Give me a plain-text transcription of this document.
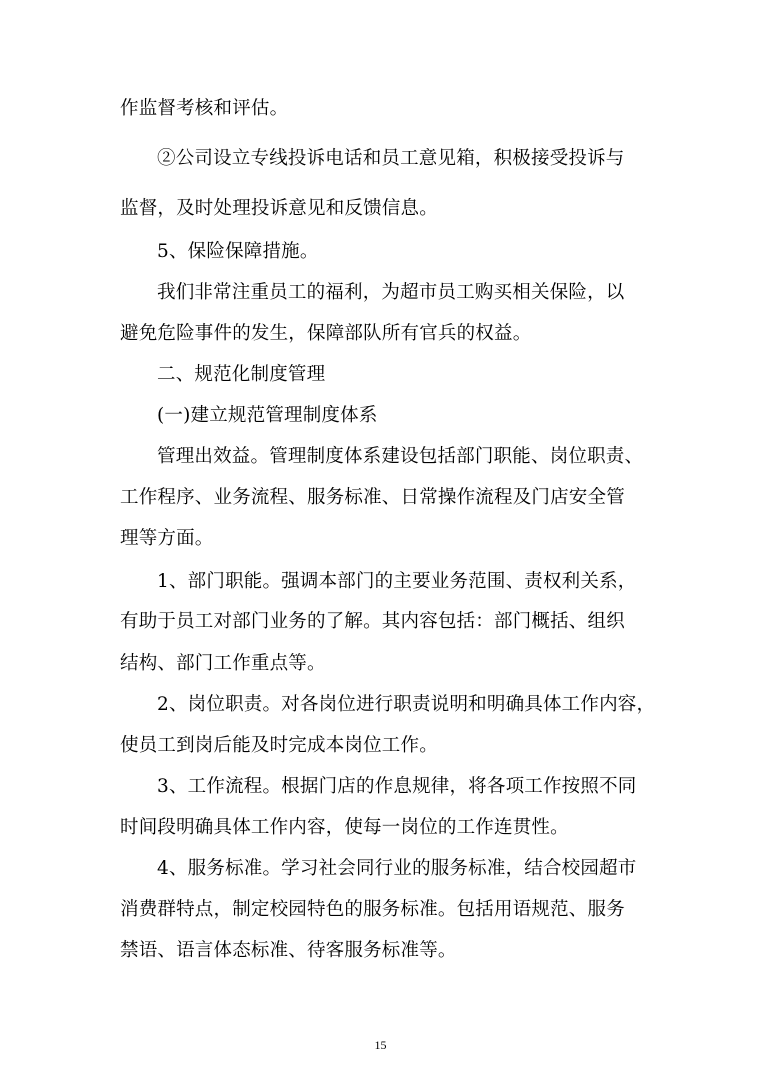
作监督考核和评估。
②公司设立专线投诉电话和员工意见箱，积极接受投诉与
监督，及时处理投诉意见和反馈信息。
5、保险保障措施。
我们非常注重员工的福利，为超市员工购买相关保险，以
避免危险事件的发生，保障部队所有官兵的权益。
二、规范化制度管理
(一)建立规范管理制度体系
管理出效益。管理制度体系建设包括部门职能、岗位职责、
工作程序、业务流程、服务标准、日常操作流程及门店安全管
理等方面。
1、部门职能。强调本部门的主要业务范围、责权利关系，
有助于员工对部门业务的了解。其内容包括：部门概括、组织
结构、部门工作重点等。
2、岗位职责。对各岗位进行职责说明和明确具体工作内容，
使员工到岗后能及时完成本岗位工作。
3、工作流程。根据门店的作息规律，将各项工作按照不同
时间段明确具体工作内容，使每一岗位的工作连贯性。
4、服务标准。学习社会同行业的服务标准，结合校园超市
消费群特点，制定校园特色的服务标准。包括用语规范、服务
禁语、语言体态标准、待客服务标准等。
15
